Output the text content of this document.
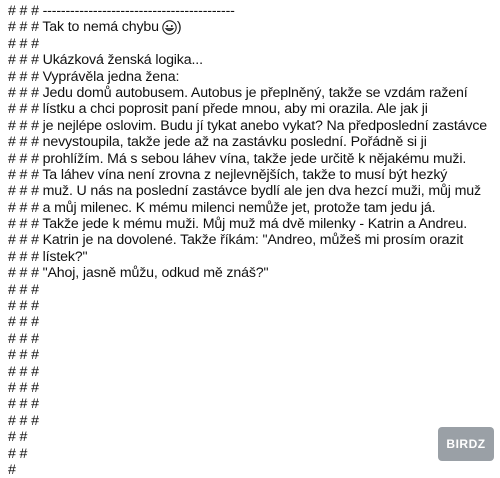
# # # ------------------------------------------
# # # Tak to nemá chybu )
# # #
# # # Ukázková ženská logika...
# # # Vyprávěla jedna žena:
# # # Jedu domů autobusem. Autobus je přeplněný, takže se vzdám ražení
# # # lístku a chci poprosit paní přede mnou, aby mi orazila. Ale jak ji
# # # je nejlépe oslovim. Budu jí tykat anebo vykat? Na předposlední zastávce
# # # nevystoupila, takže jede až na zastávku poslední. Pořádně si ji
# # # prohlížím. Má s sebou láhev vína, takže jede určitě k nějakému muži.
# # # Ta láhev vína není zrovna z nejlevnějších, takže to musí být hezký
# # # muž. U nás na poslední zastávce bydlí ale jen dva hezcí muži, můj muž
# # # a můj milenec. K mému milenci nemůže jet, protože tam jedu já.
# # # Takže jede k mému muži. Můj muž má dvě milenky - Katrin a Andreu.
# # # Katrin je na dovolené. Takže říkám: "Andreo, můžeš mi prosím orazit
# # # lístek?"
# # # "Ahoj, jasně můžu, odkud mě znáš?"
# # #
# # #
# # #
# # #
# # #
# # #
# # #
# # #
# # #
# #
# #
#
BIRDZ
